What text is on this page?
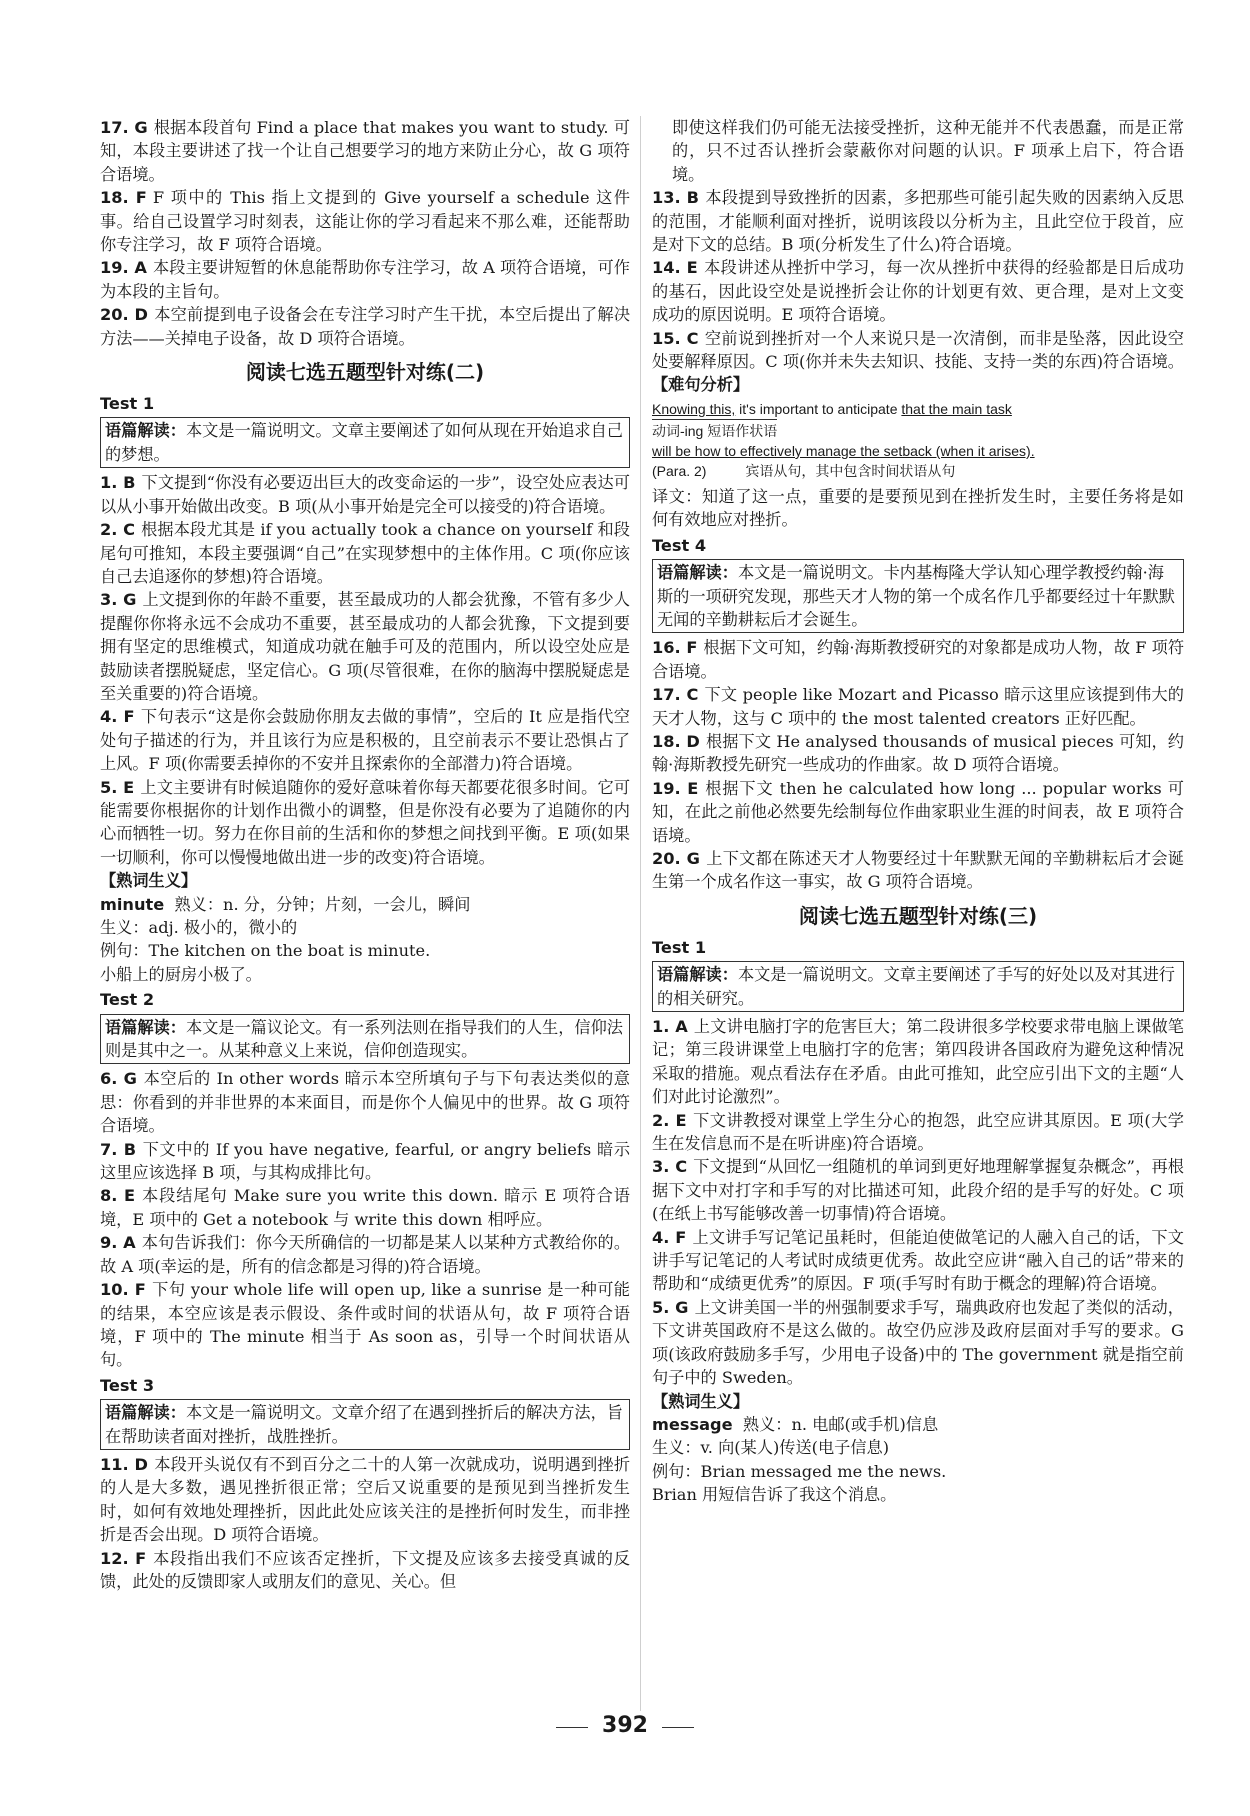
17. G 根据本段首句 Find a place that makes you want to study. 可知，本段主要讲述了找一个让自己想要学习的地方来防止分心，故 G 项符合语境。

18. F F 项中的 This 指上文提到的 Give yourself a schedule 这件事。给自己设置学习时刻表，这能让你的学习看起来不那么难，还能帮助你专注学习，故 F 项符合语境。

19. A 本段主要讲短暂的休息能帮助你专注学习，故 A 项符合语境，可作为本段的主旨句。

20. D 本空前提到电子设备会在专注学习时产生干扰，本空后提出了解决方法——关掉电子设备，故 D 项符合语境。

阅读七选五题型针对练(二)
Test 1
语篇解读：本文是一篇说明文。文章主要阐述了如何从现在开始追求自己的梦想。

1. B 下文提到“你没有必要迈出巨大的改变命运的一步”，设空处应表达可以从小事开始做出改变。B 项(从小事开始是完全可以接受的)符合语境。

2. C 根据本段尤其是 if you actually took a chance on yourself 和段尾句可推知，本段主要强调“自己”在实现梦想中的主体作用。C 项(你应该自己去追逐你的梦想)符合语境。

3. G 上文提到你的年龄不重要，甚至最成功的人都会犹豫，不管有多少人提醒你你将永远不会成功不重要，甚至最成功的人都会犹豫，下文提到要拥有坚定的思维模式，知道成功就在触手可及的范围内，所以设空处应是鼓励读者摆脱疑虑，坚定信心。G 项(尽管很难，在你的脑海中摆脱疑虑是至关重要的)符合语境。

4. F 下句表示“这是你会鼓励你朋友去做的事情”，空后的 It 应是指代空处句子描述的行为，并且该行为应是积极的，且空前表示不要让恐惧占了上风。F 项(你需要丢掉你的不安并且探索你的全部潜力)符合语境。

5. E 上文主要讲有时候追随你的爱好意味着你每天都要花很多时间。它可能需要你根据你的计划作出微小的调整，但是你没有必要为了追随你的内心而牺牲一切。努力在你目前的生活和你的梦想之间找到平衡。E 项(如果一切顺利，你可以慢慢地做出进一步的改变)符合语境。

【熟词生义】
minute 熟义：n. 分，分钟；片刻，一会儿，瞬间
生义：adj. 极小的，微小的
例句：The kitchen on the boat is minute.
小船上的厨房小极了。
Test 2
语篇解读：本文是一篇议论文。有一系列法则在指导我们的人生，信仰法则是其中之一。从某种意义上来说，信仰创造现实。

6. G 本空后的 In other words 暗示本空所填句子与下句表达类似的意思：你看到的并非世界的本来面目，而是你个人偏见中的世界。故 G 项符合语境。

7. B 下文中的 If you have negative, fearful, or angry beliefs 暗示这里应该选择 B 项，与其构成排比句。

8. E 本段结尾句 Make sure you write this down. 暗示 E 项符合语境，E 项中的 Get a notebook 与 write this down 相呼应。

9. A 本句告诉我们：你今天所确信的一切都是某人以某种方式教给你的。故 A 项(幸运的是，所有的信念都是习得的)符合语境。

10. F 下句 your whole life will open up, like a sunrise 是一种可能的结果，本空应该是表示假设、条件或时间的状语从句，故 F 项符合语境，F 项中的 The minute 相当于 As soon as，引导一个时间状语从句。

Test 3
语篇解读：本文是一篇说明文。文章介绍了在遇到挫折后的解决方法，旨在帮助读者面对挫折，战胜挫折。

11. D 本段开头说仅有不到百分之二十的人第一次就成功，说明遇到挫折的人是大多数，遇见挫折很正常；空后又说重要的是预见到当挫折发生时，如何有效地处理挫折，因此此处应该关注的是挫折何时发生，而非挫折是否会出现。D 项符合语境。

12. F 本段指出我们不应该否定挫折，下文提及应该多去接受真诚的反馈，此处的反馈即家人或朋友们的意见、关心。但

即使这样我们仍可能无法接受挫折，这种无能并不代表愚蠢，而是正常的，只不过否认挫折会蒙蔽你对问题的认识。F 项承上启下，符合语境。

13. B 本段提到导致挫折的因素，多把那些可能引起失败的因素纳入反思的范围，才能顺利面对挫折，说明该段以分析为主，且此空位于段首，应是对下文的总结。B 项(分析发生了什么)符合语境。

14. E 本段讲述从挫折中学习，每一次从挫折中获得的经验都是日后成功的基石，因此设空处是说挫折会让你的计划更有效、更合理，是对上文变成功的原因说明。E 项符合语境。

15. C 空前说到挫折对一个人来说只是一次清倒，而非是坠落，因此设空处要解释原因。C 项(你并未失去知识、技能、支持一类的东西)符合语境。

【难句分析】
Knowing this, it's important to anticipate that the main task
动词-ing 短语作状语
will be how to effectively manage the setback (when it arises).
(Para. 2)	宾语从句，其中包含时间状语从句

译文：知道了这一点，重要的是要预见到在挫折发生时，主要任务将是如何有效地应对挫折。

Test 4
语篇解读：本文是一篇说明文。卡内基梅隆大学认知心理学教授约翰·海斯的一项研究发现，那些天才人物的第一个成名作几乎都要经过十年默默无闻的辛勤耕耘后才会诞生。

16. F 根据下文可知，约翰·海斯教授研究的对象都是成功人物，故 F 项符合语境。

17. C 下文 people like Mozart and Picasso 暗示这里应该提到伟大的天才人物，这与 C 项中的 the most talented creators 正好匹配。

18. D 根据下文 He analysed thousands of musical pieces 可知，约翰·海斯教授先研究一些成功的作曲家。故 D 项符合语境。

19. E 根据下文 then he calculated how long ... popular works 可知，在此之前他必然要先绘制每位作曲家职业生涯的时间表，故 E 项符合语境。

20. G 上下文都在陈述天才人物要经过十年默默无闻的辛勤耕耘后才会诞生第一个成名作这一事实，故 G 项符合语境。

阅读七选五题型针对练(三)
Test 1
语篇解读：本文是一篇说明文。文章主要阐述了手写的好处以及对其进行的相关研究。

1. A 上文讲电脑打字的危害巨大；第二段讲很多学校要求带电脑上课做笔记；第三段讲课堂上电脑打字的危害；第四段讲各国政府为避免这种情况采取的措施。观点看法存在矛盾。由此可推知，此空应引出下文的主题“人们对此讨论激烈”。

2. E 下文讲教授对课堂上学生分心的抱怨，此空应讲其原因。E 项(大学生在发信息而不是在听讲座)符合语境。

3. C 下文提到“从回忆一组随机的单词到更好地理解掌握复杂概念”，再根据下文中对打字和手写的对比描述可知，此段介绍的是手写的好处。C 项(在纸上书写能够改善一切事情)符合语境。

4. F 上文讲手写记笔记虽耗时，但能迫使做笔记的人融入自己的话，下文讲手写记笔记的人考试时成绩更优秀。故此空应讲“融入自己的话”带来的帮助和“成绩更优秀”的原因。F 项(手写时有助于概念的理解)符合语境。

5. G 上文讲美国一半的州强制要求手写，瑞典政府也发起了类似的活动，下文讲英国政府不是这么做的。故空仍应涉及政府层面对手写的要求。G 项(该政府鼓励多手写，少用电子设备)中的 The government 就是指空前句子中的 Sweden。

【熟词生义】
message 熟义：n. 电邮(或手机)信息
生义：v. 向(某人)传送(电子信息)
例句：Brian messaged me the news.
Brian 用短信告诉了我这个消息。
392
